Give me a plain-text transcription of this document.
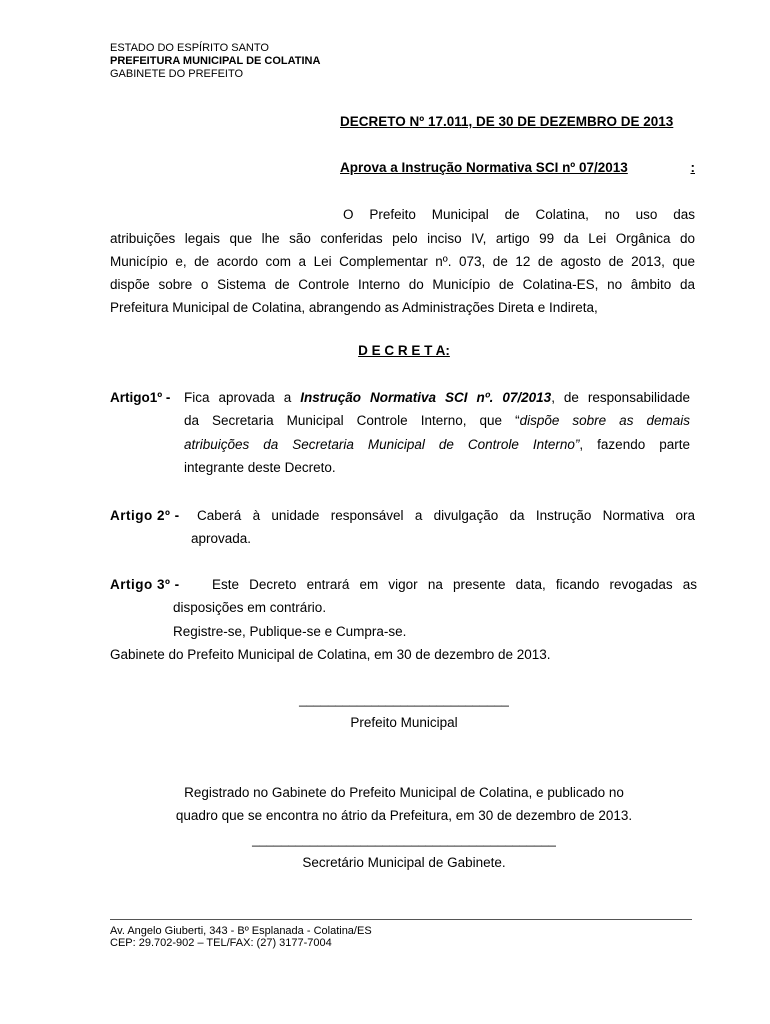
ESTADO DO ESPÍRITO SANTO
PREFEITURA MUNICIPAL DE COLATINA
GABINETE DO PREFEITO
DECRETO Nº 17.011, DE 30 DE DEZEMBRO DE 2013
Aprova a Instrução Normativa SCI nº 07/2013	:
O Prefeito Municipal de Colatina, no uso das
atribuições legais que lhe são conferidas pelo inciso IV, artigo 99 da Lei Orgânica do
Município e, de acordo com a Lei Complementar nº. 073, de 12 de agosto de 2013, que
dispõe sobre o Sistema de Controle Interno do Município de Colatina-ES, no âmbito da
Prefeitura Municipal de Colatina, abrangendo as Administrações Direta e Indireta,
D E C R E T A:
Artigo1º - Fica aprovada a Instrução Normativa SCI nº. 07/2013, de responsabilidade
da Secretaria Municipal Controle Interno, que “dispõe sobre as demais
atribuições da Secretaria Municipal de Controle Interno”, fazendo parte
integrante deste Decreto.
Artigo 2º - Caberá à unidade responsável a divulgação da Instrução Normativa ora
aprovada.
Artigo 3º - Este Decreto entrará em vigor na presente data, ficando revogadas as
disposições em contrário.
Registre-se, Publique-se e Cumpra-se.
Gabinete do Prefeito Municipal de Colatina, em 30 de dezembro de 2013.
_____________________________
Prefeito Municipal
Registrado no Gabinete do Prefeito Municipal de Colatina, e publicado no
quadro que se encontra no átrio da Prefeitura, em 30 de dezembro de 2013.
__________________________________________
Secretário Municipal de Gabinete.
Av. Angelo Giuberti, 343 - Bº Esplanada - Colatina/ES
CEP: 29.702-902 – TEL/FAX: (27) 3177-7004
